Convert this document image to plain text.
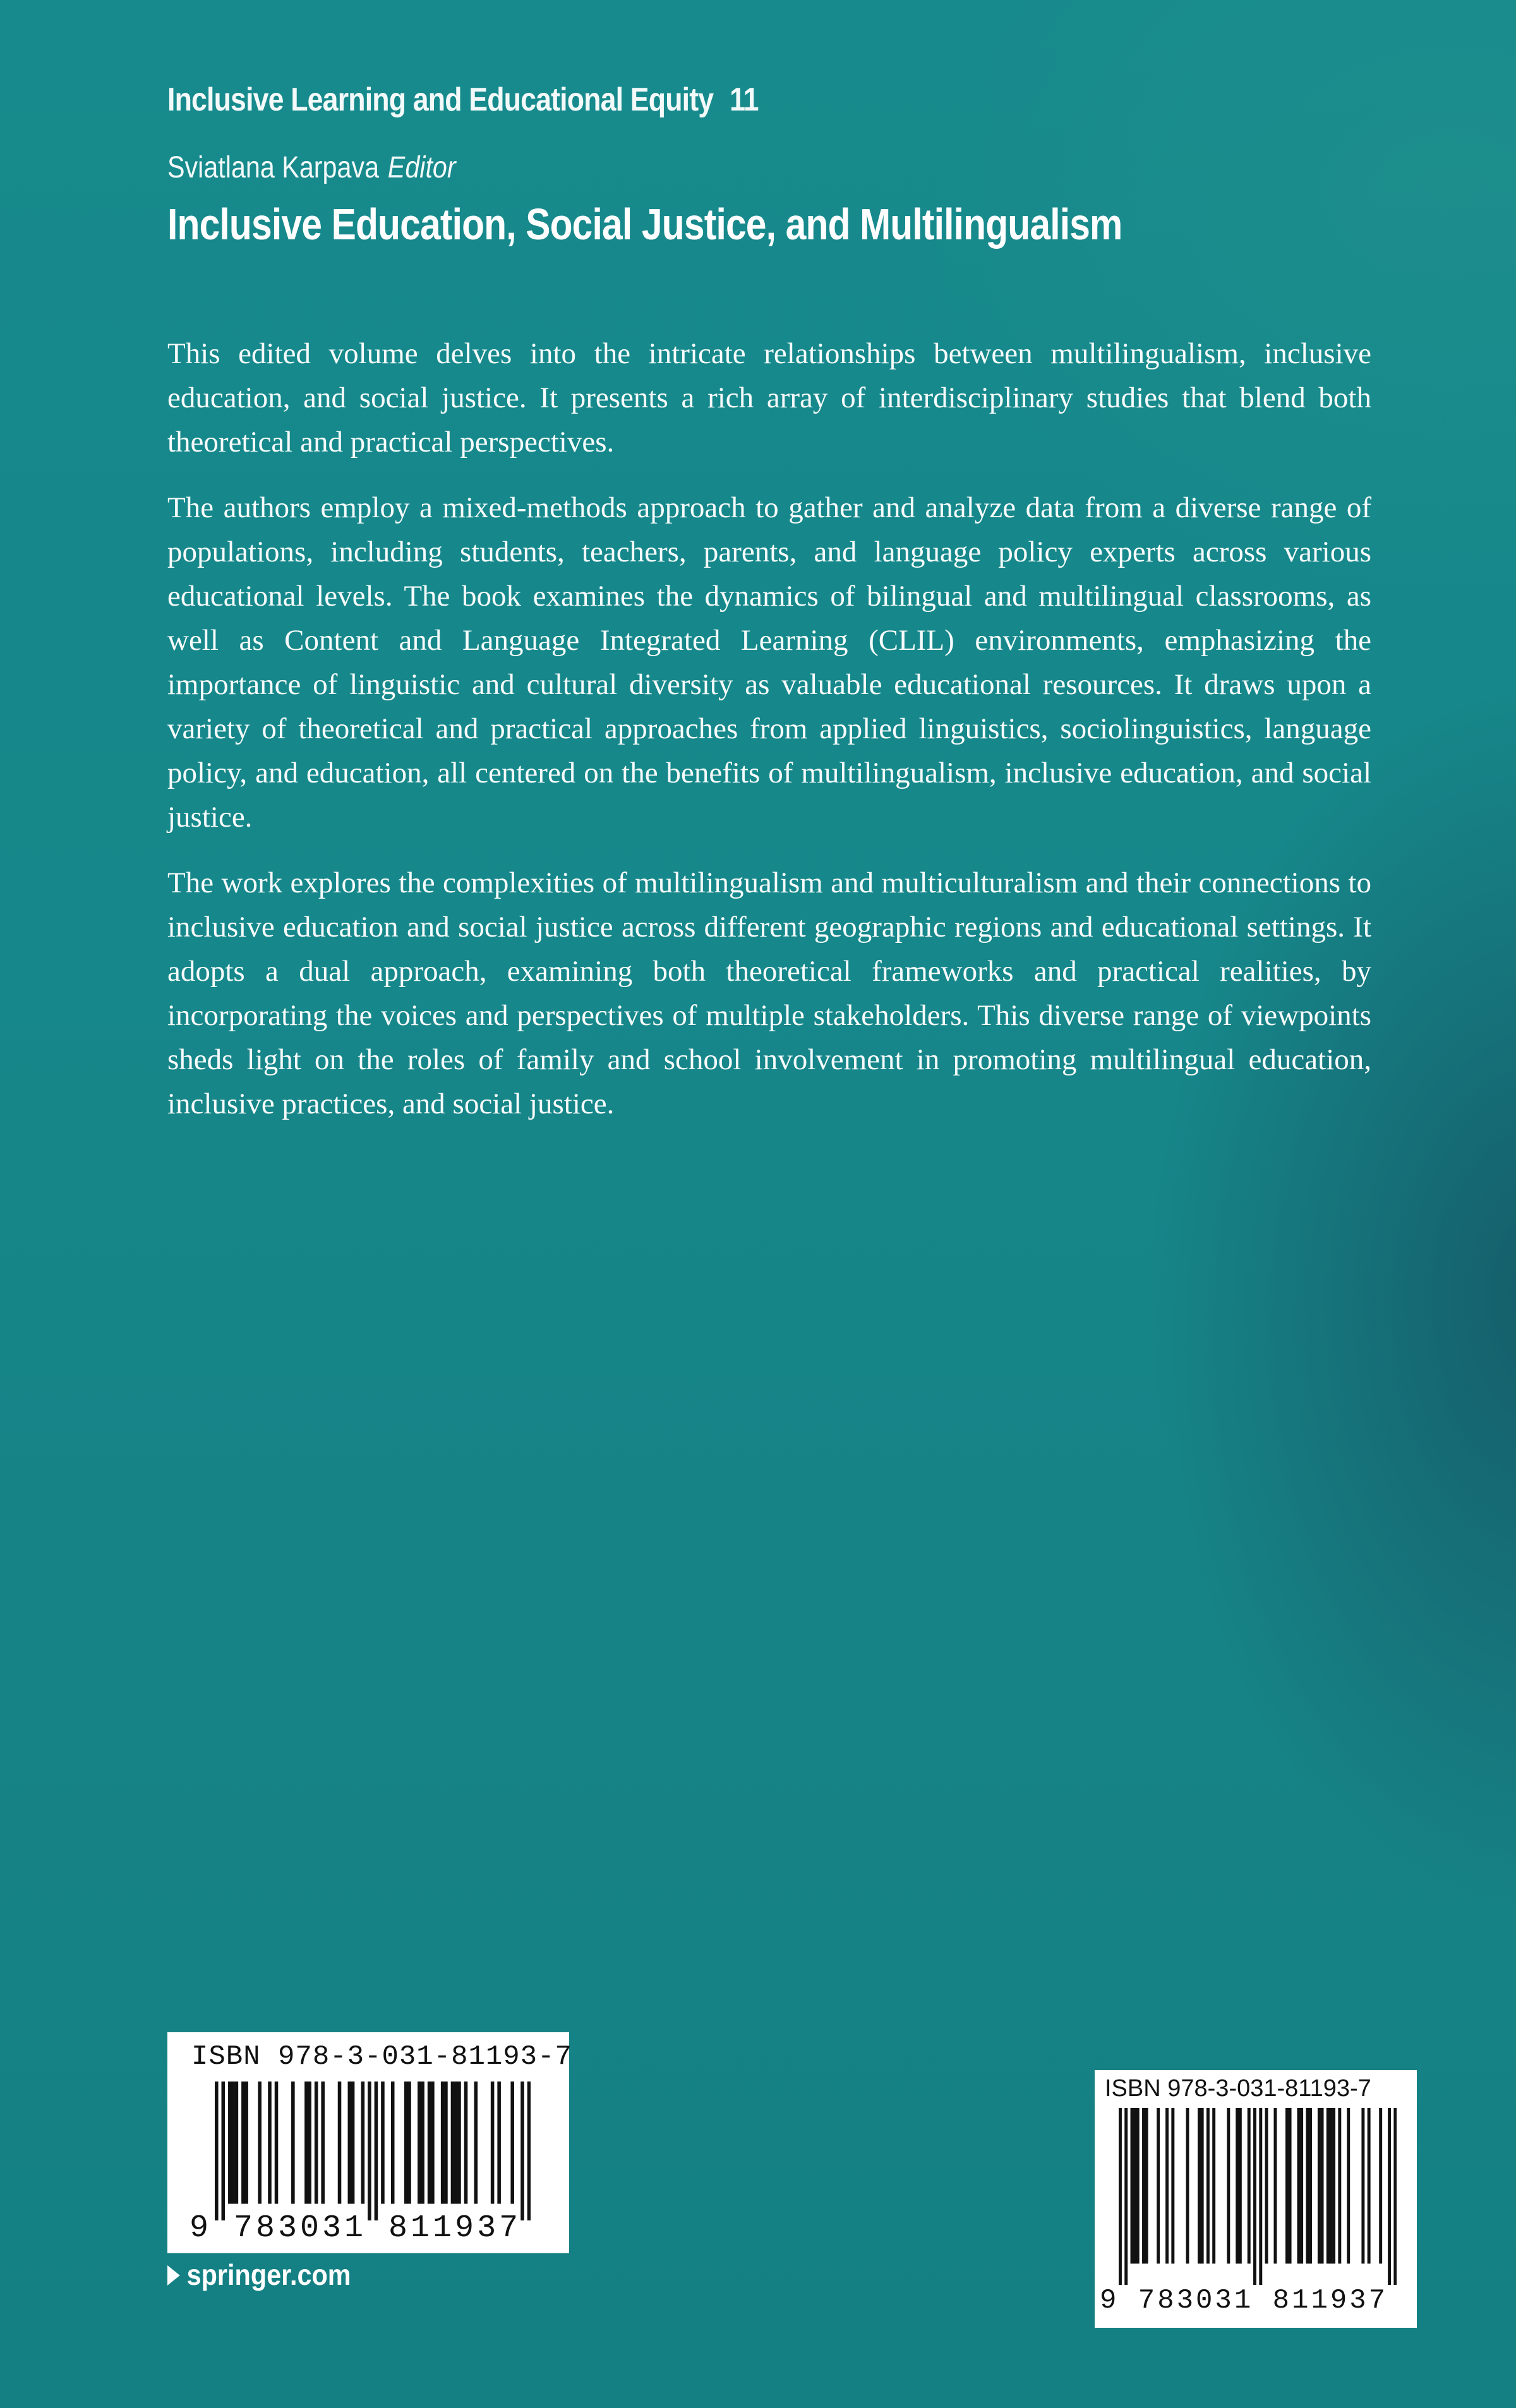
Inclusive Learning and Educational Equity 11
Sviatlana Karpava Editor
Inclusive Education, Social Justice, and Multilingualism

This edited volume delves into the intricate relationships between multilingualism, inclusive education, and social justice. It presents a rich array of interdisciplinary studies that blend both theoretical and practical perspectives.

The authors employ a mixed-methods approach to gather and analyze data from a diverse range of populations, including students, teachers, parents, and language policy experts across various educational levels. The book examines the dynamics of bilingual and multilingual classrooms, as well as Content and Language Integrated Learning (CLIL) environments, emphasizing the importance of linguistic and cultural diversity as valuable educational resources. It draws upon a variety of theoretical and practical approaches from applied linguistics, sociolinguistics, language policy, and education, all centered on the benefits of multilingualism, inclusive education, and social justice.

The work explores the complexities of multilingualism and multiculturalism and their connections to inclusive education and social justice across different geographic regions and educational settings. It adopts a dual approach, examining both theoretical frameworks and practical realities, by incorporating the voices and perspectives of multiple stakeholders. This diverse range of viewpoints sheds light on the roles of family and school involvement in promoting multilingual education, inclusive practices, and social justice.

ISBN 978-3-031-81193-7
9 783031 811937
springer.com
ISBN 978-3-031-81193-7
9 783031 811937
